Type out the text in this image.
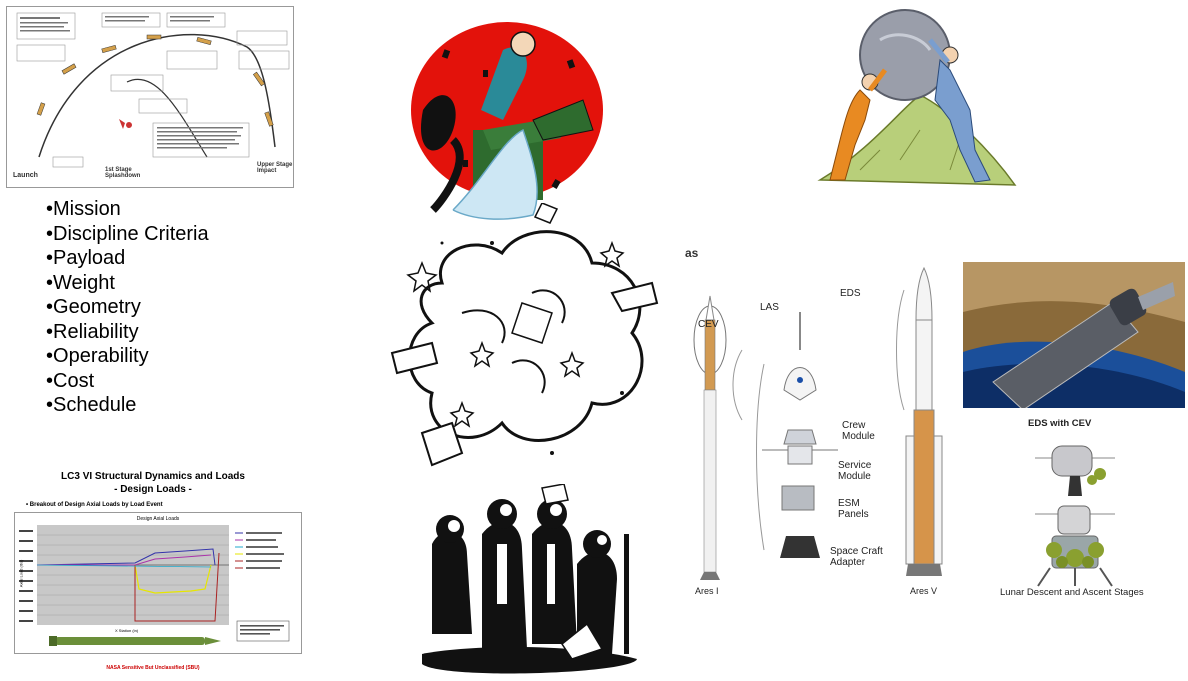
Launch
1st Stage Splashdown
Upper Stage Impact
• Mission
• Discipline Criteria
• Payload
• Weight
• Geometry
• Reliability
• Operability
• Cost
• Schedule
LC3 VI Structural Dynamics and Loads
- Design Loads -
• Breakout of Design Axial Loads by Load Event
Design Axial Loads
X Station (in)
Axial Load (lbs)
NASA Sensitive But Unclassified (SBU)
as
CEV
LAS
EDS
Crew Module
Service Module
ESM Panels
Space Craft Adapter
Ares I	Ares V
EDS with CEV
Lunar Descent and Ascent Stages
